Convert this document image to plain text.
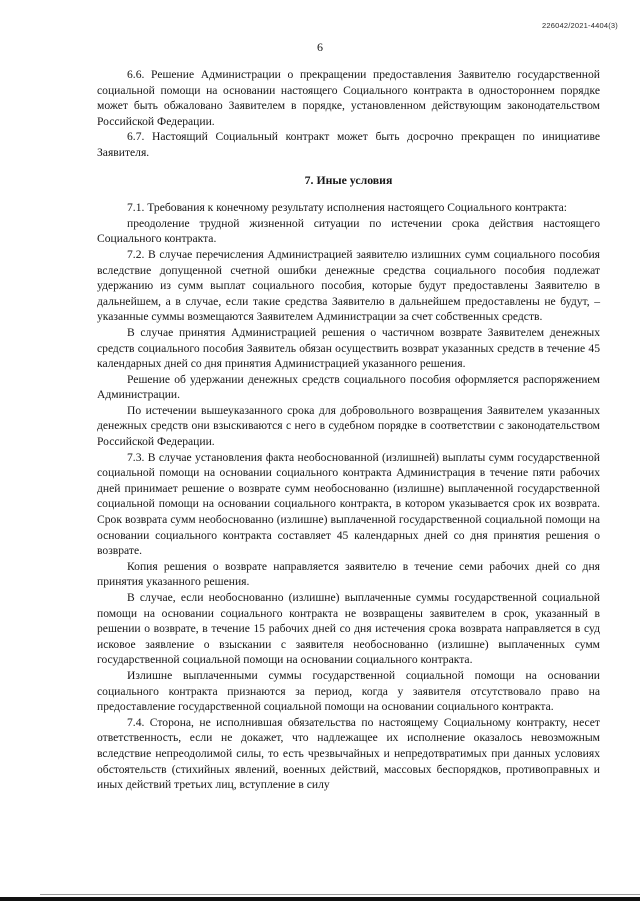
226042/2021-4404(3)
6

6.6. Решение Администрации о прекращении предоставления Заявителю государственной социальной помощи на основании настоящего Социального контракта в одностороннем порядке может быть обжаловано Заявителем в порядке, установленном действующим законодательством Российской Федерации.

6.7. Настоящий Социальный контракт может быть досрочно прекращен по инициативе Заявителя.

7. Иные условия

7.1. Требования к конечному результату исполнения настоящего Социального контракта:

преодоление трудной жизненной ситуации по истечении срока действия настоящего Социального контракта.

7.2. В случае перечисления Администрацией заявителю излишних сумм социального пособия вследствие допущенной счетной ошибки денежные средства социального пособия подлежат удержанию из сумм выплат социального пособия, которые будут предоставлены Заявителю в дальнейшем, а в случае, если такие средства Заявителю в дальнейшем предоставлены не будут, – указанные суммы возмещаются Заявителем Администрации за счет собственных средств.

В случае принятия Администрацией решения о частичном возврате Заявителем денежных средств социального пособия Заявитель обязан осуществить возврат указанных средств в течение 45 календарных дней со дня принятия Администрацией указанного решения.

Решение об удержании денежных средств социального пособия оформляется распоряжением Администрации.

По истечении вышеуказанного срока для добровольного возвращения Заявителем указанных денежных средств они взыскиваются с него в судебном порядке в соответствии с законодательством Российской Федерации.

7.3. В случае установления факта необоснованной (излишней) выплаты сумм государственной социальной помощи на основании социального контракта Администрация в течение пяти рабочих дней принимает решение о возврате сумм необоснованно (излишне) выплаченной государственной социальной помощи на основании социального контракта, в котором указывается срок их возврата. Срок возврата сумм необоснованно (излишне) выплаченной государственной социальной помощи на основании социального контракта составляет 45 календарных дней со дня принятия решения о возврате.

Копия решения о возврате направляется заявителю в течение семи рабочих дней со дня принятия указанного решения.

В случае, если необоснованно (излишне) выплаченные суммы государственной социальной помощи на основании социального контракта не возвращены заявителем в срок, указанный в решении о возврате, в течение 15 рабочих дней со дня истечения срока возврата направляется в суд исковое заявление о взыскании с заявителя необоснованно (излишне) выплаченных сумм государственной социальной помощи на основании социального контракта.

Излишне выплаченными суммы государственной социальной помощи на основании социального контракта признаются за период, когда у заявителя отсутствовало право на предоставление государственной социальной помощи на основании социального контракта.

7.4. Сторона, не исполнившая обязательства по настоящему Социальному контракту, несет ответственность, если не докажет, что надлежащее их исполнение оказалось невозможным вследствие непреодолимой силы, то есть чрезвычайных и непредотвратимых при данных условиях обстоятельств (стихийных явлений, военных действий, массовых беспорядков, противоправных и иных действий третьих лиц, вступление в силу
